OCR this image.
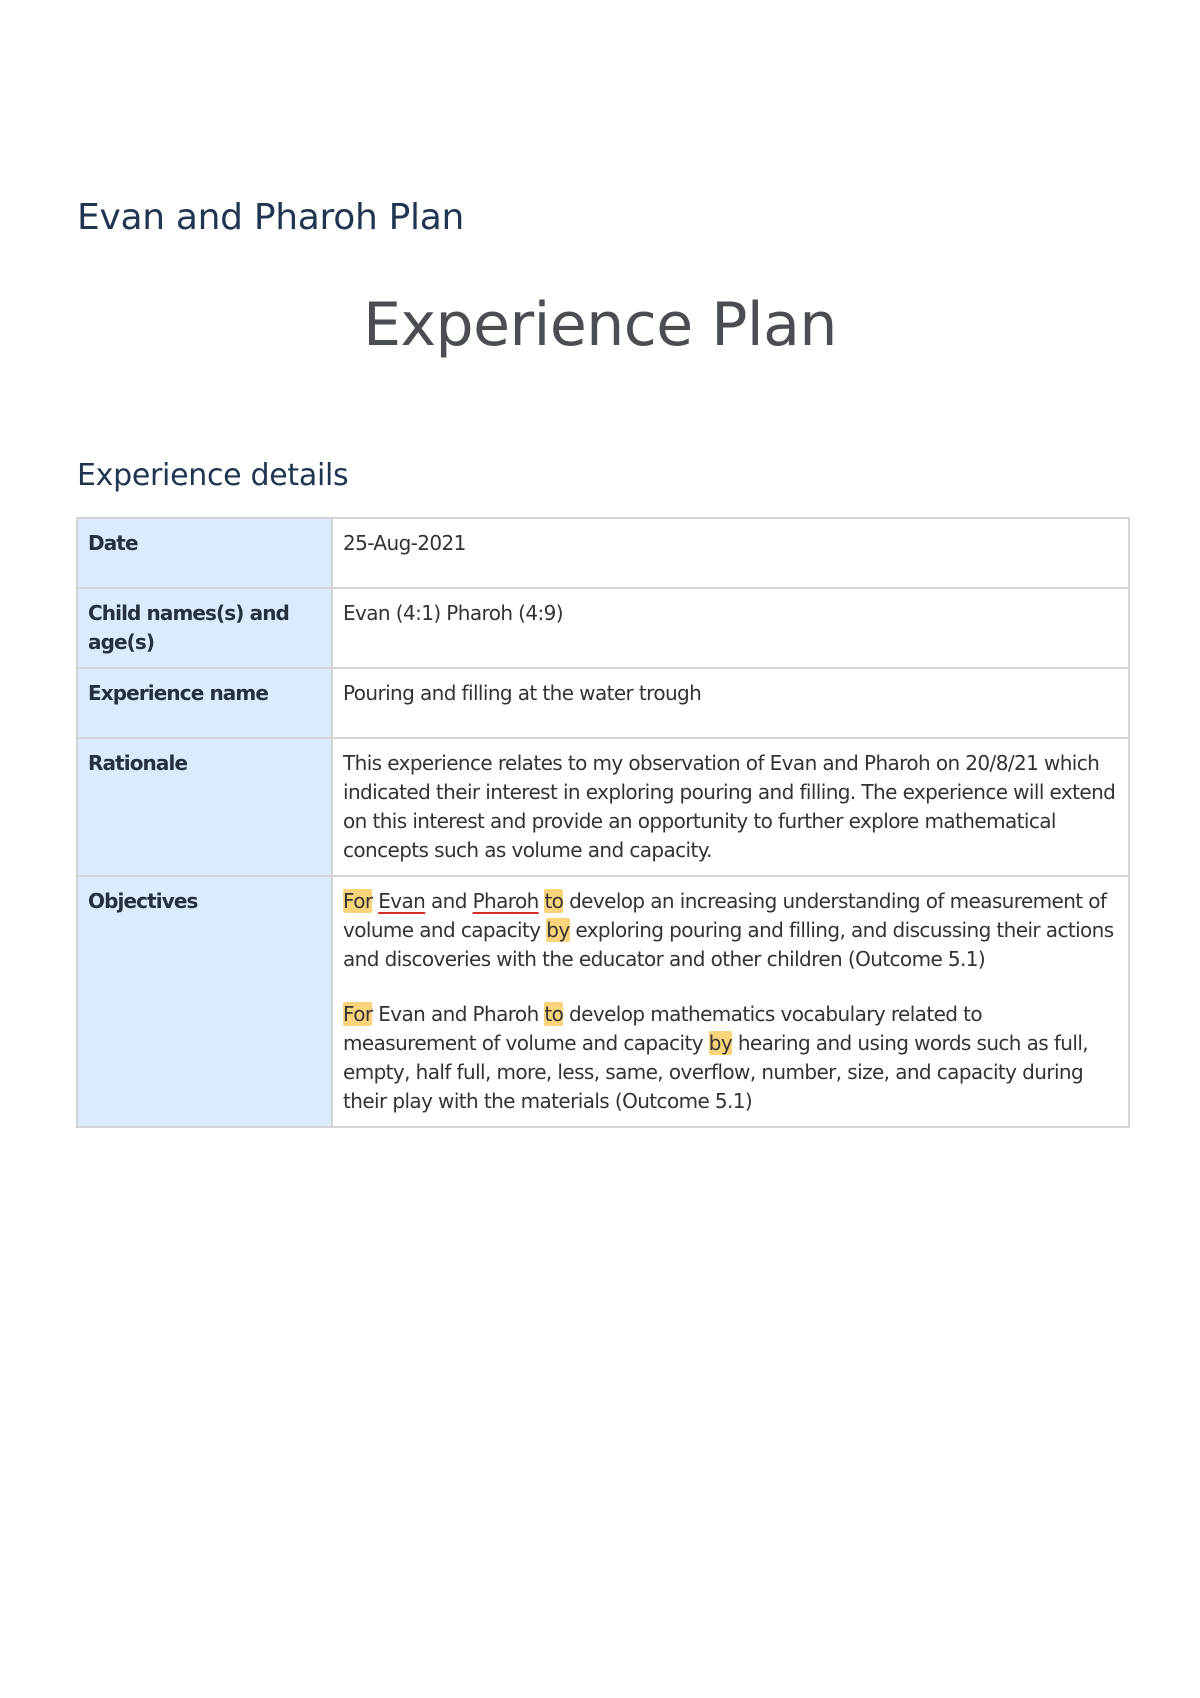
Evan and Pharoh Plan
Experience Plan
Experience details
Date	25-Aug-2021
Child names(s) and age(s)	Evan (4:1) Pharoh (4:9)
Experience name	Pouring and filling at the water trough
Rationale	This experience relates to my observation of Evan and Pharoh on 20/8/21 which indicated their interest in exploring pouring and filling. The experience will extend on this interest and provide an opportunity to further explore mathematical concepts such as volume and capacity.
Objectives	For Evan and Pharoh to develop an increasing understanding of measurement of volume and capacity by exploring pouring and filling, and discussing their actions and discoveries with the educator and other children (Outcome 5.1)
For Evan and Pharoh to develop mathematics vocabulary related to measurement of volume and capacity by hearing and using words such as full, empty, half full, more, less, same, overflow, number, size, and capacity during their play with the materials (Outcome 5.1)
